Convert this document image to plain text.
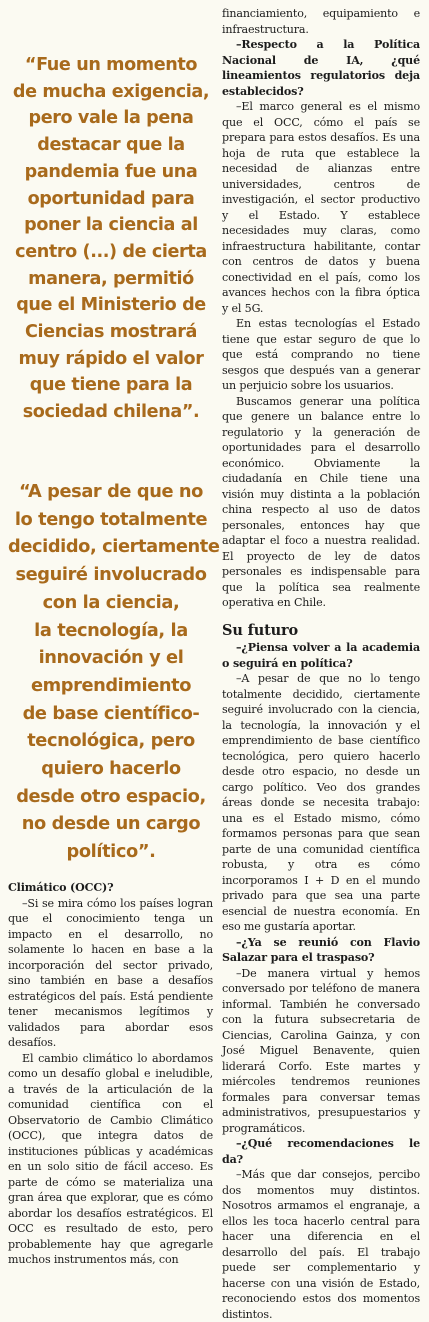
“Fue un momento
de mucha exigencia,
pero vale la pena
destacar que la
pandemia fue una
oportunidad para
poner la ciencia al
centro (...) de cierta
manera, permitió
que el Ministerio de
Ciencias mostrará
muy rápido el valor
que tiene para la
sociedad chilena”.
“A pesar de que no
lo tengo totalmente
decidido, ciertamente
seguiré involucrado
con la ciencia,
la tecnología, la
innovación y el
emprendimiento
de base científico-
tecnológica, pero
quiero hacerlo
desde otro espacio,
no desde un cargo
político”.

Climático (OCC)?

–Si se mira cómo los países logran que el conocimiento tenga un impacto en el desarrollo, no solamente lo hacen en base a la incorporación del sector privado, sino también en base a desafíos estratégicos del país. Está pendiente tener mecanismos legítimos y validados para abordar esos desafíos.

El cambio climático lo abordamos como un desafío global e ineludible, a través de la articulación de la comunidad científica con el Observatorio de Cambio Climático (OCC), que integra datos de instituciones públicas y académicas en un solo sitio de fácil acceso. Es parte de cómo se materializa una gran área que explorar, que es cómo abordar los desafíos estratégicos. El OCC es resultado de esto, pero probablemente hay que agregarle muchos instrumentos más, con

financiamiento, equipamiento e infraestructura.

–Respecto a la Política Nacional de IA, ¿qué lineamientos regulatorios deja establecidos?

–El marco general es el mismo que el OCC, cómo el país se prepara para estos desafíos. Es una hoja de ruta que establece la necesidad de alianzas entre universidades, centros de investigación, el sector productivo y el Estado. Y establece necesidades muy claras, como infraestructura habilitante, contar con centros de datos y buena conectividad en el país, como los avances hechos con la fibra óptica y el 5G.

En estas tecnologías el Estado tiene que estar seguro de que lo que está comprando no tiene sesgos que después van a generar un perjuicio sobre los usuarios.

Buscamos generar una política que genere un balance entre lo regulatorio y la generación de oportunidades para el desarrollo económico. Obviamente la ciudadanía en Chile tiene una visión muy distinta a la población china respecto al uso de datos personales, entonces hay que adaptar el foco a nuestra realidad. El proyecto de ley de datos personales es indispensable para que la política sea realmente operativa en Chile.

Su futuro

–¿Piensa volver a la academia o seguirá en política?

–A pesar de que no lo tengo totalmente decidido, ciertamente seguiré involucrado con la ciencia, la tecnología, la innovación y el emprendimiento de base científico tecnológica, pero quiero hacerlo desde otro espacio, no desde un cargo político. Veo dos grandes áreas donde se necesita trabajo: una es el Estado mismo, cómo formamos personas para que sean parte de una comunidad científica robusta, y otra es cómo incorporamos I + D en el mundo privado para que sea una parte esencial de nuestra economía. En eso me gustaría aportar.

–¿Ya se reunió con Flavio Salazar para el traspaso?

–De manera virtual y hemos conversado por teléfono de manera informal. También he conversado con la futura subsecretaria de Ciencias, Carolina Gainza, y con José Miguel Benavente, quien liderará Corfo. Este martes y miércoles tendremos reuniones formales para conversar temas administrativos, presupuestarios y programáticos.

–¿Qué recomendaciones le da?

–Más que dar consejos, percibo dos momentos muy distintos. Nosotros armamos el engranaje, a ellos les toca hacerlo central para hacer una diferencia en el desarrollo del país. El trabajo puede ser complementario y hacerse con una visión de Estado, reconociendo estos dos momentos distintos.
